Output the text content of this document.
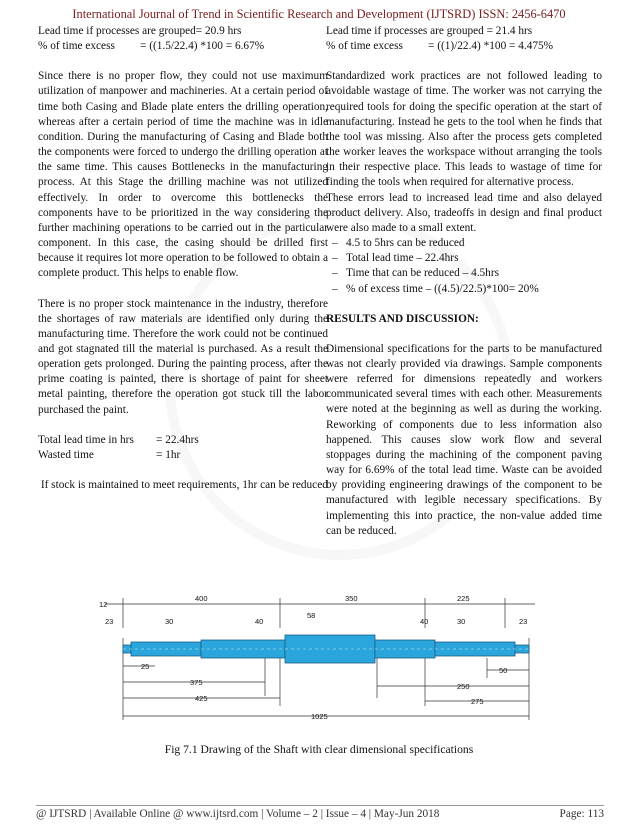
International Journal of Trend in Scientific Research and Development (IJTSRD) ISSN: 2456-6470

Lead time if processes are grouped= 20.9 hrs

% of time excess	= ((1.5/22.4) *100 = 6.67%

Since there is no proper flow, they could not use maximum utilization of manpower and machineries. At a certain period of time both Casing and Blade plate enters the drilling operation, whereas after a certain period of time the machine was in idle condition. During the manufacturing of Casing and Blade both the components were forced to undergo the drilling operation at the same time. This causes Bottlenecks in the manufacturing process. At this Stage the drilling machine was not utilized effectively. In order to overcome this bottlenecks the components have to be prioritized in the way considering the further machining operations to be carried out in the particular component. In this case, the casing should be drilled first because it requires lot more operation to be followed to obtain a complete product. This helps to enable flow.

There is no proper stock maintenance in the industry, therefore the shortages of raw materials are identified only during the manufacturing time. Therefore the work could not be continued and got stagnated till the material is purchased. As a result the operation gets prolonged. During the painting process, after the prime coating is painted, there is shortage of paint for sheet metal painting, therefore the operation got stuck till the labor purchased the paint.

Total lead time in hrs	= 22.4hrs
Wasted time	= 1hr

If stock is maintained to meet requirements, 1hr can be reduced

Lead time if processes are grouped = 21.4 hrs

% of time excess	= ((1)/22.4) *100 = 4.475%

Standardized work practices are not followed leading to avoidable wastage of time. The worker was not carrying the required tools for doing the specific operation at the start of manufacturing. Instead he gets to the tool when he finds that the tool was missing. Also after the process gets completed the worker leaves the workspace without arranging the tools in their respective place. This leads to wastage of time for finding the tools when required for alternative process.

These errors lead to increased lead time and also delayed product delivery. Also, tradeoffs in design and final product were also made to a small extent.

– 4.5 to 5hrs can be reduced
– Total lead time – 22.4hrs
– Time that can be reduced – 4.5hrs
– % of excess time – ((4.5)/22.5)*100= 20%

RESULTS AND DISCUSSION:

Dimensional specifications for the parts to be manufactured was not clearly provided via drawings. Sample components were referred for dimensions repeatedly and workers communicated several times with each other. Measurements were noted at the beginning as well as during the working. Reworking of components due to less information also happened. This causes slow work flow and several stoppages during the machining of the component paving way for 6.69% of the total lead time. Waste can be avoided by providing engineering drawings of the component to be manufactured with legible necessary specifications. By implementing this into practice, the non-value added time can be reduced.

12
400	350	225
23	30	40
58
40	30	23
25	50
375	250
425	275
1025
Fig 7.1 Drawing of the Shaft with clear dimensional specifications
@ IJTSRD | Available Online @ www.ijtsrd.com | Volume – 2 | Issue – 4 | May-Jun 2018	Page: 113
